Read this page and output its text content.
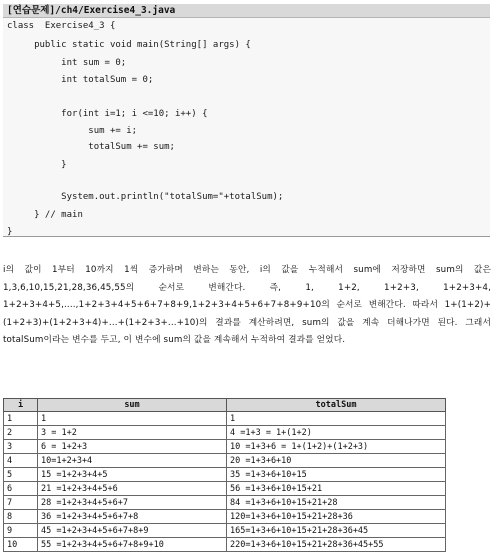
[연습문제]/ch4/Exercise4_3.java
class  Exercise4_3 {
public static void main(String[] args) {
int sum = 0;
int totalSum = 0;
for(int i=1; i <=10; i++) {
sum += i;
totalSum += sum;
}
System.out.println("totalSum="+totalSum);
} // main
}
i의 값이 1부터 10까지 1씩 증가하며 변하는 동안, i의 값을 누적해서 sum에 저장하면 sum의 값은 1,3,6,10,15,21,28,36,45,55의 순서로 변해간다. 즉, 1, 1+2, 1+2+3, 1+2+3+4, 1+2+3+4+5,....,1+2+3+4+5+6+7+8+9,1+2+3+4+5+6+7+8+9+10의 순서로 변해간다. 따라서 1+(1+2)+(1+2+3)+(1+2+3+4)+...+(1+2+3+...+10)의 결과를 계산하려면, sum의 값을 계속 더해나가면 된다. 그래서 totalSum이라는 변수를 두고, 이 변수에 sum의 값을 계속해서 누적하여 결과를 얻었다.
i	sum	totalSum
1	1	1
2	3 = 1+2	4 =1+3 = 1+(1+2)
3	6 = 1+2+3	10 =1+3+6 = 1+(1+2)+(1+2+3)
4	10=1+2+3+4	20 =1+3+6+10
5	15 =1+2+3+4+5	35 =1+3+6+10+15
6	21 =1+2+3+4+5+6	56 =1+3+6+10+15+21
7	28 =1+2+3+4+5+6+7	84 =1+3+6+10+15+21+28
8	36 =1+2+3+4+5+6+7+8	120=1+3+6+10+15+21+28+36
9	45 =1+2+3+4+5+6+7+8+9	165=1+3+6+10+15+21+28+36+45
10	55 =1+2+3+4+5+6+7+8+9+10	220=1+3+6+10+15+21+28+36+45+55
